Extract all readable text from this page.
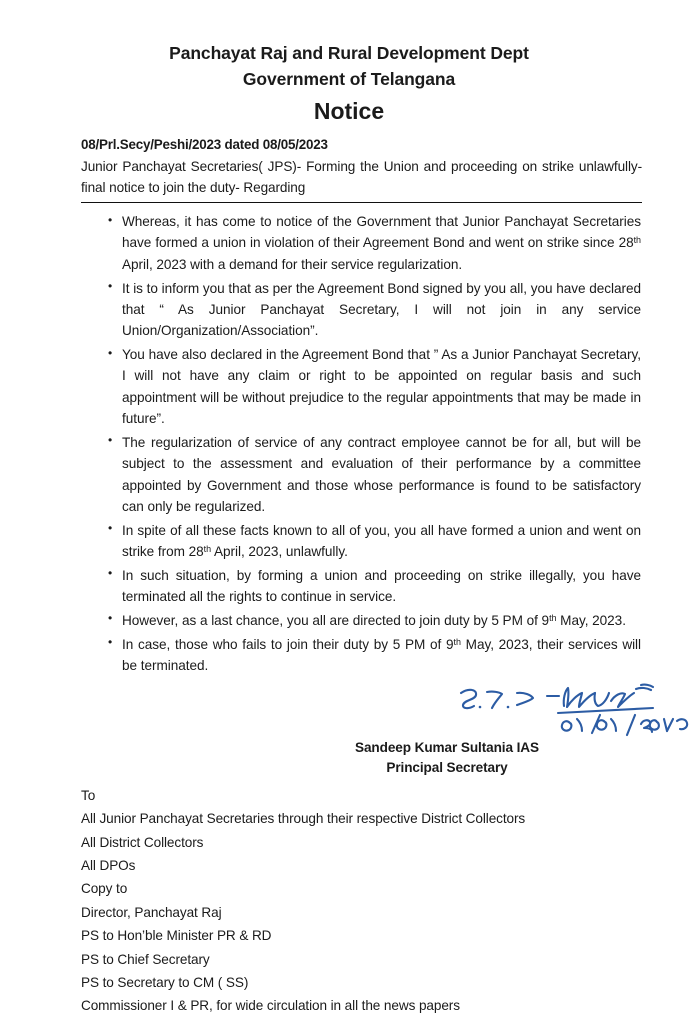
Panchayat Raj and Rural Development Dept
Government of Telangana
Notice
08/Prl.Secy/Peshi/2023 dated 08/05/2023
Junior Panchayat Secretaries( JPS)- Forming the Union and proceeding on strike unlawfully- final notice to join the duty- Regarding
• Whereas, it has come to notice of the Government that Junior Panchayat Secretaries have formed a union in violation of their Agreement Bond and went on strike since 28th April, 2023 with a demand for their service regularization.
• It is to inform you that as per the Agreement Bond signed by you all, you have declared that “ As Junior Panchayat Secretary, I will not join in any service Union/Organization/Association”.
• You have also declared in the Agreement Bond that ” As a Junior Panchayat Secretary, I will not have any claim or right to be appointed on regular basis and such appointment will be without prejudice to the regular appointments that may be made in future”.
• The regularization of service of any contract employee cannot be for all, but will be subject to the assessment and evaluation of their performance by a committee appointed by Government and those whose performance is found to be satisfactory can only be regularized.
• In spite of all these facts known to all of you, you all have formed a union and went on strike from 28th April, 2023, unlawfully.
• In such situation, by forming a union and proceeding on strike illegally, you have terminated all the rights to continue in service.
• However, as a last chance, you all are directed to join duty by 5 PM of 9th May, 2023.
• In case, those who fails to join their duty by 5 PM of 9th May, 2023, their services will be terminated.
Sandeep Kumar Sultania IAS
Principal Secretary
To
All Junior Panchayat Secretaries through their respective District Collectors
All District Collectors
All DPOs
Copy to
Director, Panchayat Raj
PS to Hon’ble Minister PR & RD
PS to Chief Secretary
PS to Secretary to CM ( SS)
Commissioner I & PR, for wide circulation in all the news papers
